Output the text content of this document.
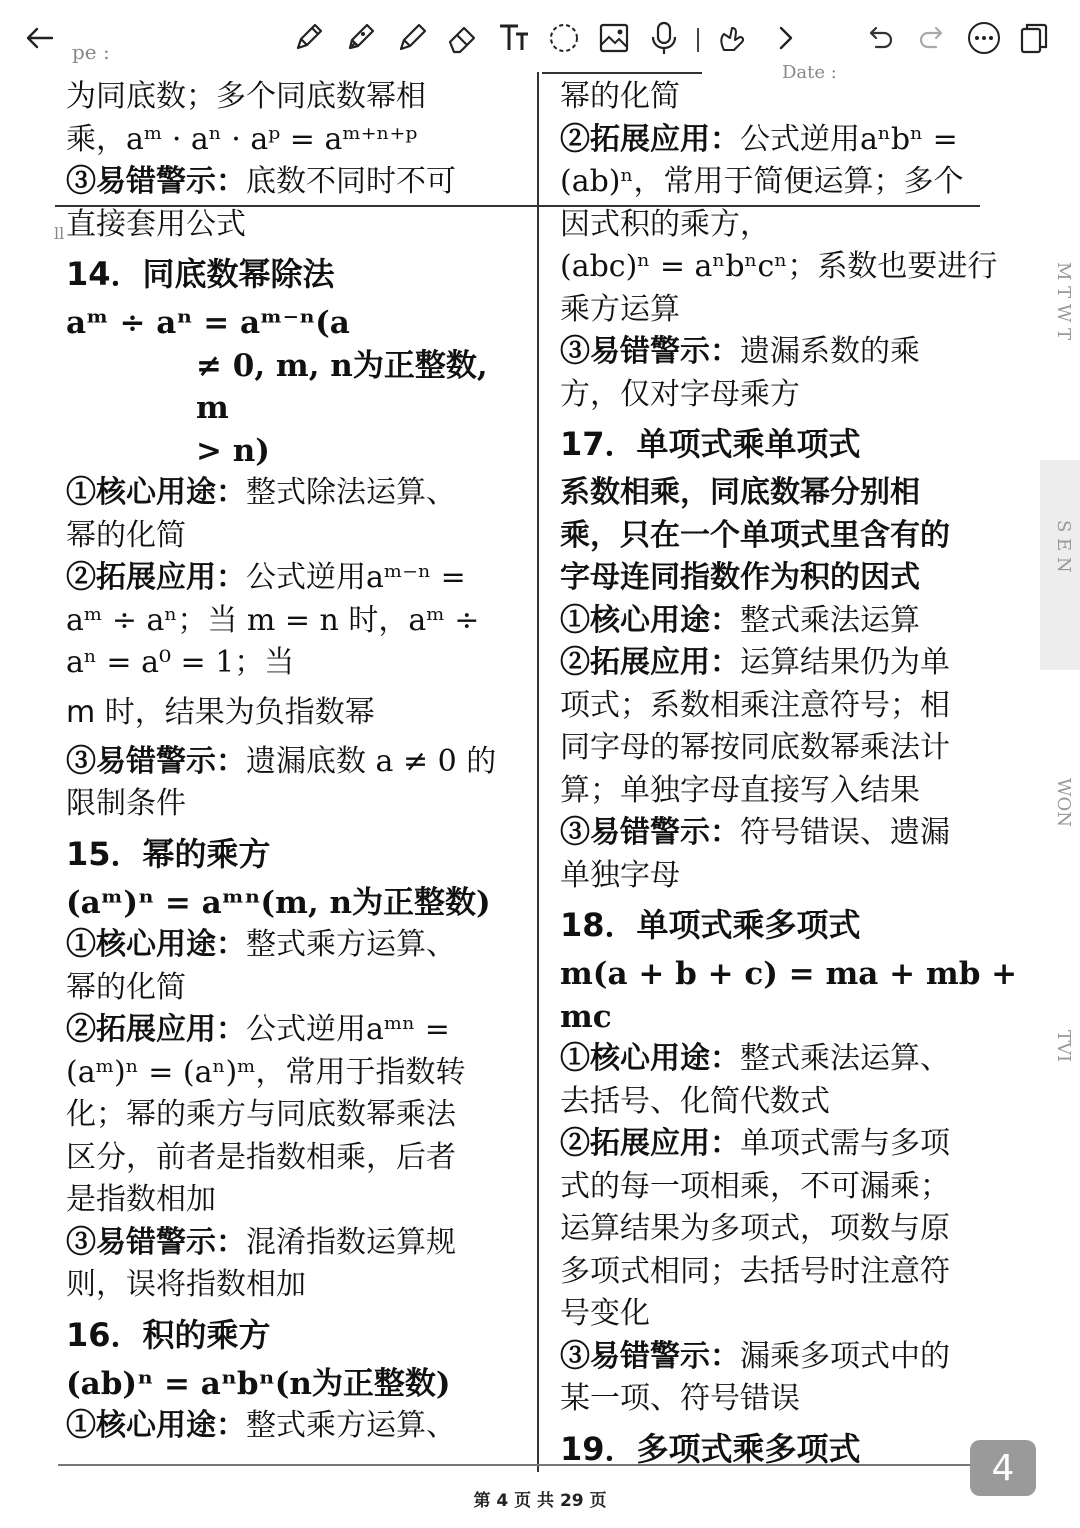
pe :
Date :
ll
M T W T
S E N
WON
TVI

为同底数；多个同底数幂相

乘，aᵐ · aⁿ · aᵖ = aᵐ⁺ⁿ⁺ᵖ

③易错警示：底数不同时不可

直接套用公式

14．同底数幂除法

aᵐ ÷ aⁿ = aᵐ⁻ⁿ(a

≠ 0, m, n为正整数, m

> n)

①核心用途：整式除法运算、

幂的化简

②拓展应用：公式逆用aᵐ⁻ⁿ =

aᵐ ÷ aⁿ；当 m = n 时，aᵐ ÷

aⁿ = a⁰ = 1；当

m 时，结果为负指数幂

③易错警示：遗漏底数 a ≠ 0 的

限制条件

15．幂的乘方

(aᵐ)ⁿ = aᵐⁿ(m, n为正整数)

①核心用途：整式乘方运算、

幂的化简

②拓展应用：公式逆用aᵐⁿ =

(aᵐ)ⁿ = (aⁿ)ᵐ，常用于指数转

化；幂的乘方与同底数幂乘法

区分，前者是指数相乘，后者

是指数相加

③易错警示：混淆指数运算规

则，误将指数相加

16．积的乘方

(ab)ⁿ = aⁿbⁿ(n为正整数)

①核心用途：整式乘方运算、

幂的化简

②拓展应用：公式逆用aⁿbⁿ =

(ab)ⁿ，常用于简便运算；多个

因式积的乘方，

(abc)ⁿ = aⁿbⁿcⁿ；系数也要进行

乘方运算

③易错警示：遗漏系数的乘

方，仅对字母乘方

17．单项式乘单项式

系数相乘，同底数幂分别相

乘，只在一个单项式里含有的

字母连同指数作为积的因式

①核心用途：整式乘法运算

②拓展应用：运算结果仍为单

项式；系数相乘注意符号；相

同字母的幂按同底数幂乘法计

算；单独字母直接写入结果

③易错警示：符号错误、遗漏

单独字母

18．单项式乘多项式

m(a + b + c) = ma + mb + mc

①核心用途：整式乘法运算、

去括号、化简代数式

②拓展应用：单项式需与多项

式的每一项相乘，不可漏乘；

运算结果为多项式，项数与原

多项式相同；去括号时注意符

号变化

③易错警示：漏乘多项式中的

某一项、符号错误

19．多项式乘多项式

第 4 页 共 29 页
4
